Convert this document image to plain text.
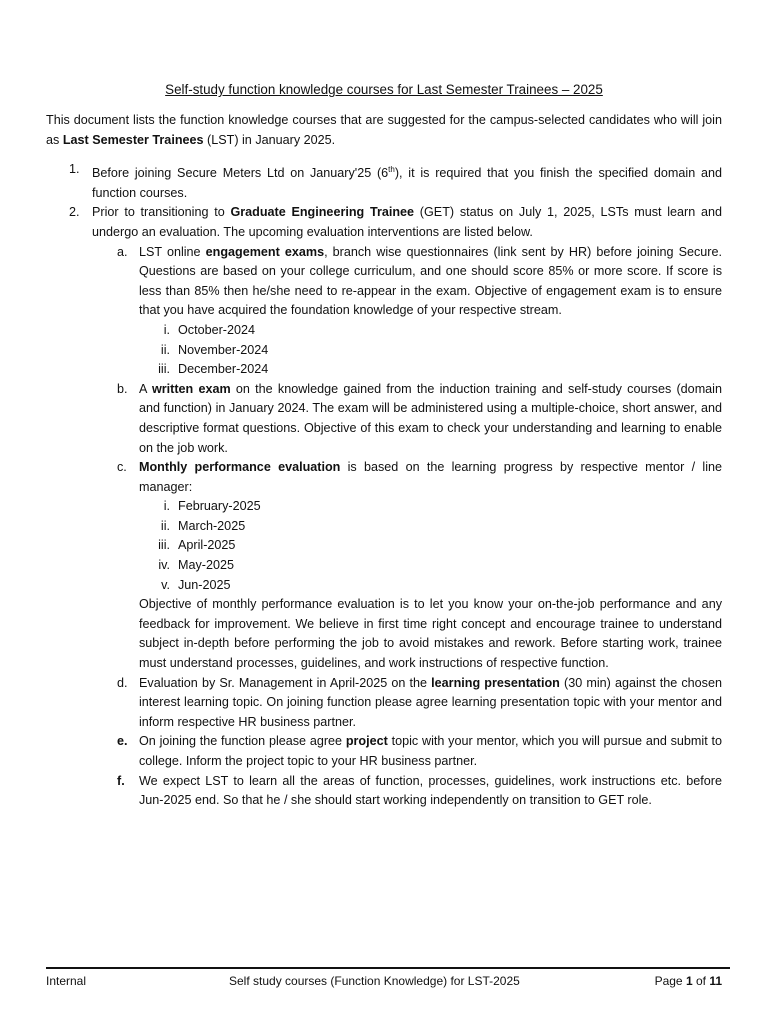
Self-study function knowledge courses for Last Semester Trainees – 2025
This document lists the function knowledge courses that are suggested for the campus-selected candidates who will join as Last Semester Trainees (LST) in January 2025.
1. Before joining Secure Meters Ltd on January'25 (6th), it is required that you finish the specified domain and function courses.
2. Prior to transitioning to Graduate Engineering Trainee (GET) status on July 1, 2025, LSTs must learn and undergo an evaluation. The upcoming evaluation interventions are listed below.
a. LST online engagement exams, branch wise questionnaires (link sent by HR) before joining Secure. Questions are based on your college curriculum, and one should score 85% or more score. If score is less than 85% then he/she need to re-appear in the exam. Objective of engagement exam is to ensure that you have acquired the foundation knowledge of your respective stream.
i. October-2024
ii. November-2024
iii. December-2024
b. A written exam on the knowledge gained from the induction training and self-study courses (domain and function) in January 2024. The exam will be administered using a multiple-choice, short answer, and descriptive format questions. Objective of this exam to check your understanding and learning to enable on the job work.
c. Monthly performance evaluation is based on the learning progress by respective mentor / line manager:
i. February-2025
ii. March-2025
iii. April-2025
iv. May-2025
v. Jun-2025
Objective of monthly performance evaluation is to let you know your on-the-job performance and any feedback for improvement. We believe in first time right concept and encourage trainee to understand subject in-depth before performing the job to avoid mistakes and rework. Before starting work, trainee must understand processes, guidelines, and work instructions of respective function.
d. Evaluation by Sr. Management in April-2025 on the learning presentation (30 min) against the chosen interest learning topic. On joining function please agree learning presentation topic with your mentor and inform respective HR business partner.
e. On joining the function please agree project topic with your mentor, which you will pursue and submit to college. Inform the project topic to your HR business partner.
f.	We expect LST to learn all the areas of function, processes, guidelines, work instructions etc. before Jun-2025 end. So that he / she should start working independently on transition to GET role.
Internal	Self study courses (Function Knowledge) for LST-2025	Page 1 of 11
